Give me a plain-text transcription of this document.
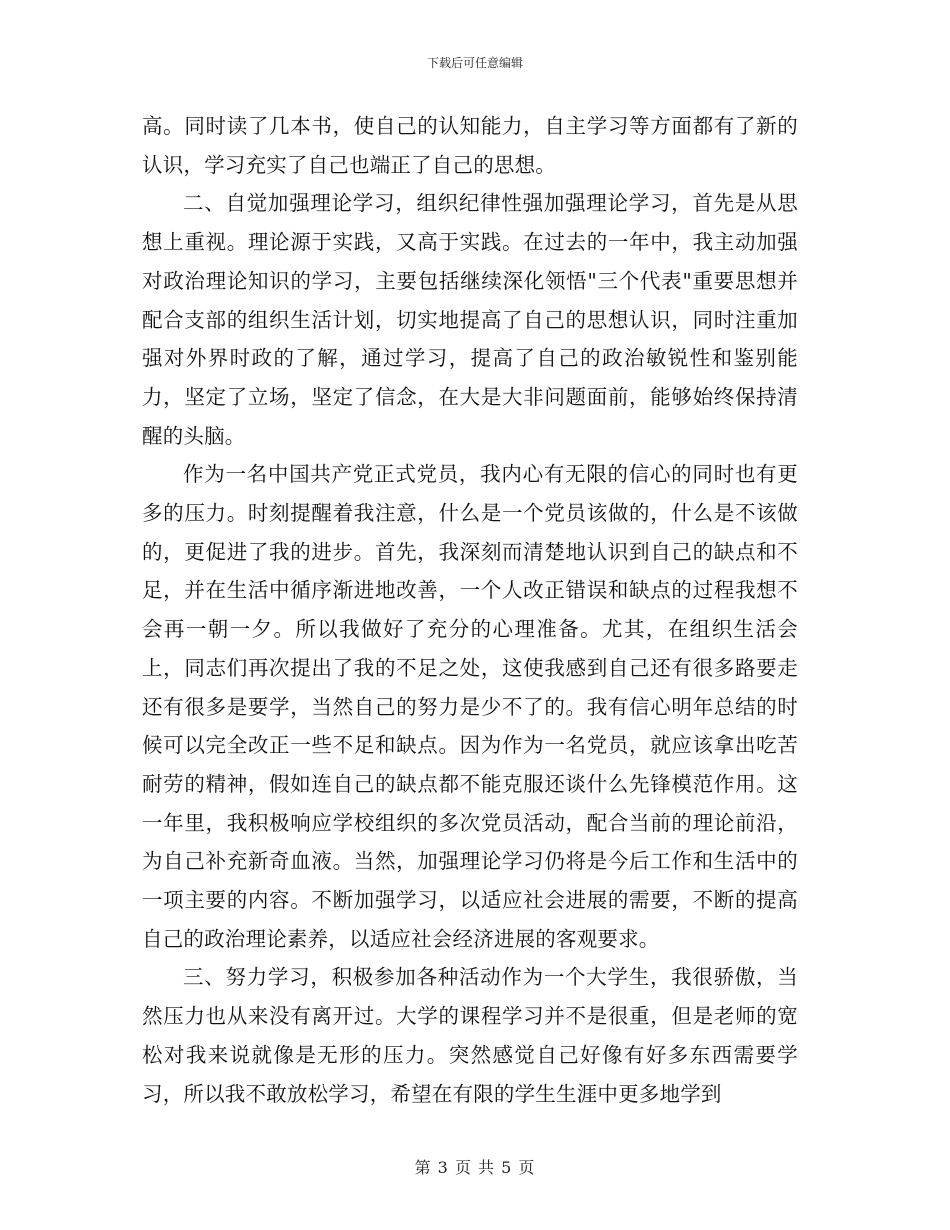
下载后可任意编辑

高。同时读了几本书，使自己的认知能力，自主学习等方面都有了新的认识，学习充实了自己也端正了自己的思想。

二、自觉加强理论学习，组织纪律性强加强理论学习，首先是从思想上重视。理论源于实践，又高于实践。在过去的一年中，我主动加强对政治理论知识的学习，主要包括继续深化领悟"三个代表"重要思想并配合支部的组织生活计划，切实地提高了自己的思想认识，同时注重加强对外界时政的了解，通过学习，提高了自己的政治敏锐性和鉴别能力，坚定了立场，坚定了信念，在大是大非问题面前，能够始终保持清醒的头脑。

作为一名中国共产党正式党员，我内心有无限的信心的同时也有更多的压力。时刻提醒着我注意，什么是一个党员该做的，什么是不该做的，更促进了我的进步。首先，我深刻而清楚地认识到自己的缺点和不足，并在生活中循序渐进地改善，一个人改正错误和缺点的过程我想不会再一朝一夕。所以我做好了充分的心理准备。尤其，在组织生活会上，同志们再次提出了我的不足之处，这使我感到自己还有很多路要走还有很多是要学，当然自己的努力是少不了的。我有信心明年总结的时候可以完全改正一些不足和缺点。因为作为一名党员，就应该拿出吃苦耐劳的精神，假如连自己的缺点都不能克服还谈什么先锋模范作用。这一年里，我积极响应学校组织的多次党员活动，配合当前的理论前沿，为自己补充新奇血液。当然，加强理论学习仍将是今后工作和生活中的一项主要的内容。不断加强学习，以适应社会进展的需要，不断的提高自己的政治理论素养，以适应社会经济进展的客观要求。

三、努力学习，积极参加各种活动作为一个大学生，我很骄傲，当然压力也从来没有离开过。大学的课程学习并不是很重，但是老师的宽松对我来说就像是无形的压力。突然感觉自己好像有好多东西需要学习，所以我不敢放松学习，希望在有限的学生生涯中更多地学到

第 3 页 共 5 页
